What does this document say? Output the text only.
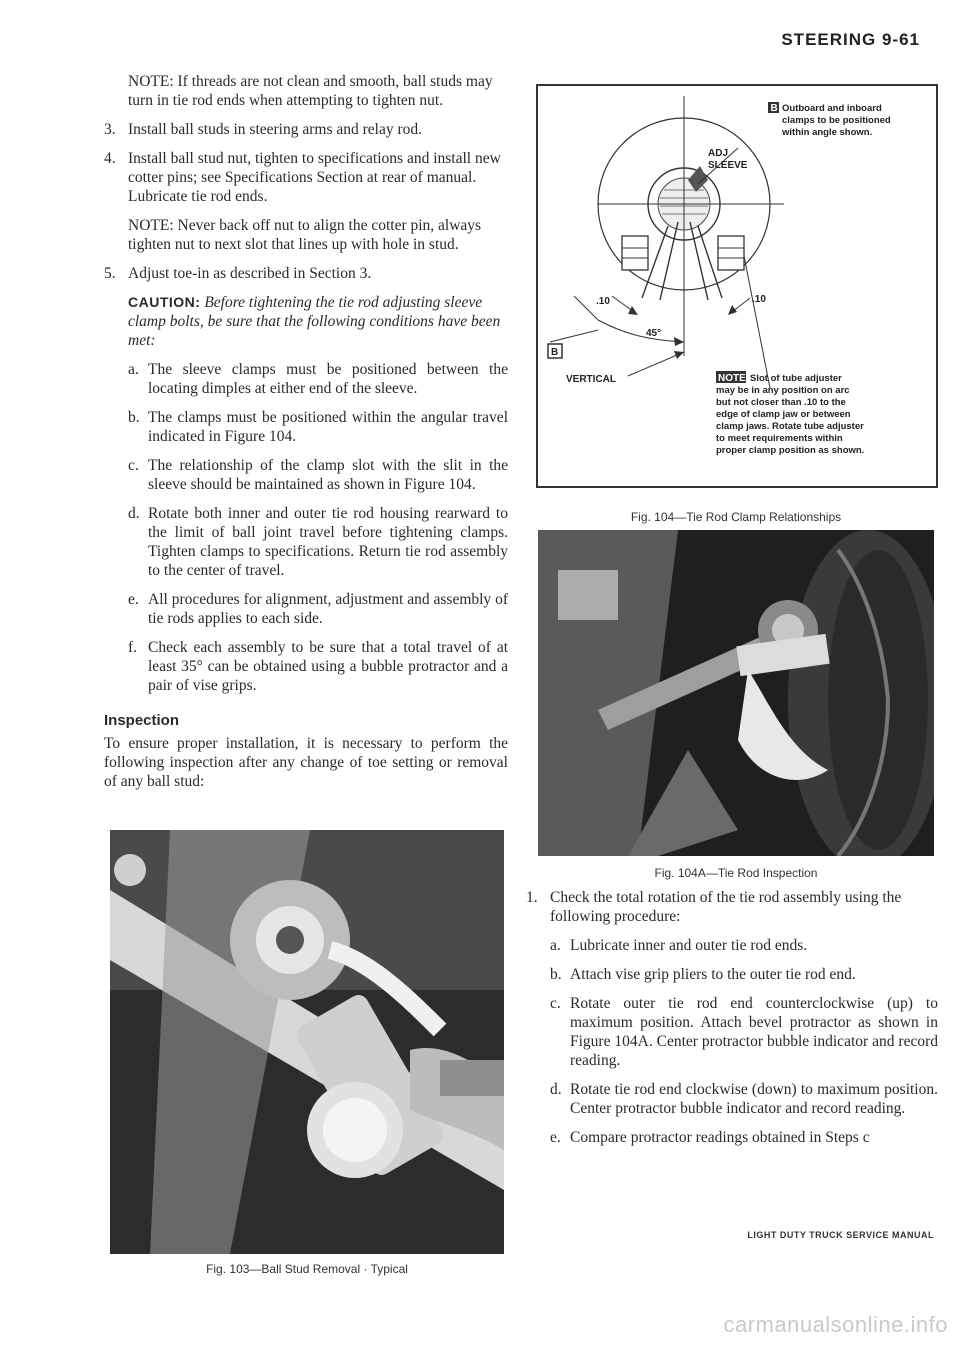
STEERING 9-61
NOTE: If threads are not clean and smooth, ball studs may turn in tie rod ends when attempting to tighten nut.
3. Install ball studs in steering arms and relay rod.
4. Install ball stud nut, tighten to specifications and install new cotter pins; see Specifications Section at rear of manual. Lubricate tie rod ends.
NOTE: Never back off nut to align the cotter pin, always tighten nut to next slot that lines up with hole in stud.
5. Adjust toe-in as described in Section 3.
CAUTION: Before tightening the tie rod adjusting sleeve clamp bolts, be sure that the following conditions have been met:
a. The sleeve clamps must be positioned between the locating dimples at either end of the sleeve.
b. The clamps must be positioned within the angular travel indicated in Figure 104.
c. The relationship of the clamp slot with the slit in the sleeve should be maintained as shown in Figure 104.
d. Rotate both inner and outer tie rod housing rearward to the limit of ball joint travel before tightening clamps. Tighten clamps to specifications. Return tie rod assembly to the center of travel.
e. All procedures for alignment, adjustment and assembly of tie rods applies to each side.
f. Check each assembly to be sure that a total travel of at least 35° can be obtained using a bubble protractor and a pair of vise grips.
Inspection
To ensure proper installation, it is necessary to perform the following inspection after any change of toe setting or removal of any ball stud:
Fig. 103—Ball Stud Removal · Typical
B Outboard and inboard
clamps to be positioned
within angle shown.
ADJ
SLEEVE
.10	.10
45°
B
VERTICAL	NOTE Slot of tube adjuster
may be in any position on arc
but not closer than .10 to the
edge of clamp jaw or between
clamp jaws. Rotate tube adjuster
to meet requirements within
proper clamp position as shown.
Fig. 104—Tie Rod Clamp Relationships
Fig. 104A—Tie Rod Inspection
1. Check the total rotation of the tie rod assembly using the following procedure:
a. Lubricate inner and outer tie rod ends.
b. Attach vise grip pliers to the outer tie rod end.
c. Rotate outer tie rod end counterclockwise (up) to maximum position. Attach bevel protractor as shown in Figure 104A. Center protractor bubble indicator and record reading.
d. Rotate tie rod end clockwise (down) to maximum position. Center protractor bubble indicator and record reading.
e. Compare protractor readings obtained in Steps c
LIGHT DUTY TRUCK SERVICE MANUAL
carmanualsonline.info
